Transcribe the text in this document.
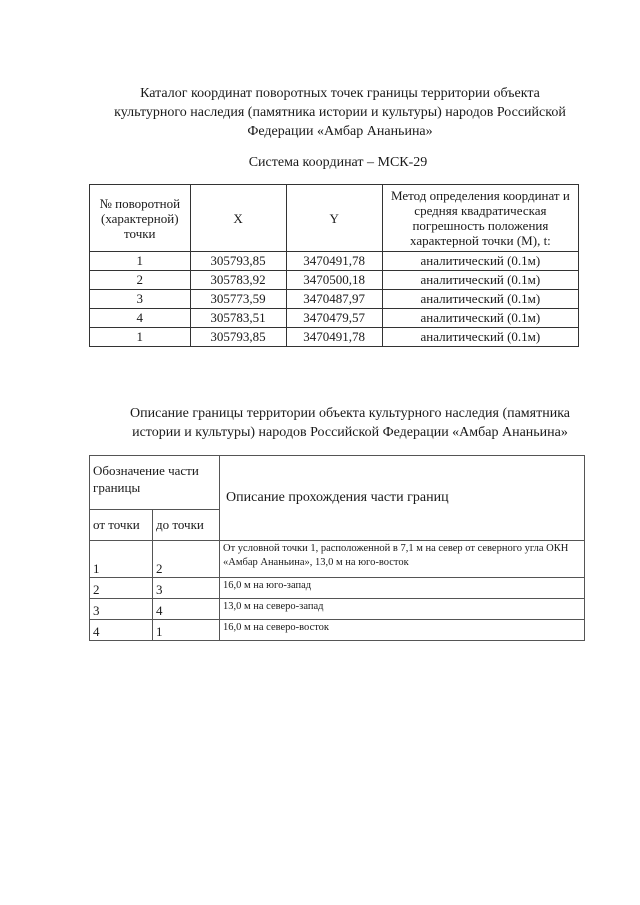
Каталог координат поворотных точек границы территории объекта
культурного наследия (памятника истории и культуры) народов Российской
Федерации «Амбар Ананьина»
Система координат – МСК-29
№ поворотной (характерной) точки	X	Y	Метод определения координат и средняя квадратическая погрешность положения характерной точки (М), t:
1	305793,85	3470491,78	аналитический (0.1м)
2	305783,92	3470500,18	аналитический (0.1м)
3	305773,59	3470487,97	аналитический (0.1м)
4	305783,51	3470479,57	аналитический (0.1м)
1	305793,85	3470491,78	аналитический (0.1м)
Описание границы территории объекта культурного наследия (памятника
истории и культуры) народов Российской Федерации «Амбар Ананьина»
Обозначение части границы		Описание прохождения части границ
от точки	до точки	
1	2	От условной точки 1, расположенной в 7,1 м на север от северного угла ОКН «Амбар Ананьина», 13,0 м на юго-восток
2	3	16,0 м на юго-запад
3	4	13,0 м на северо-запад
4	1	16,0 м на северо-восток
